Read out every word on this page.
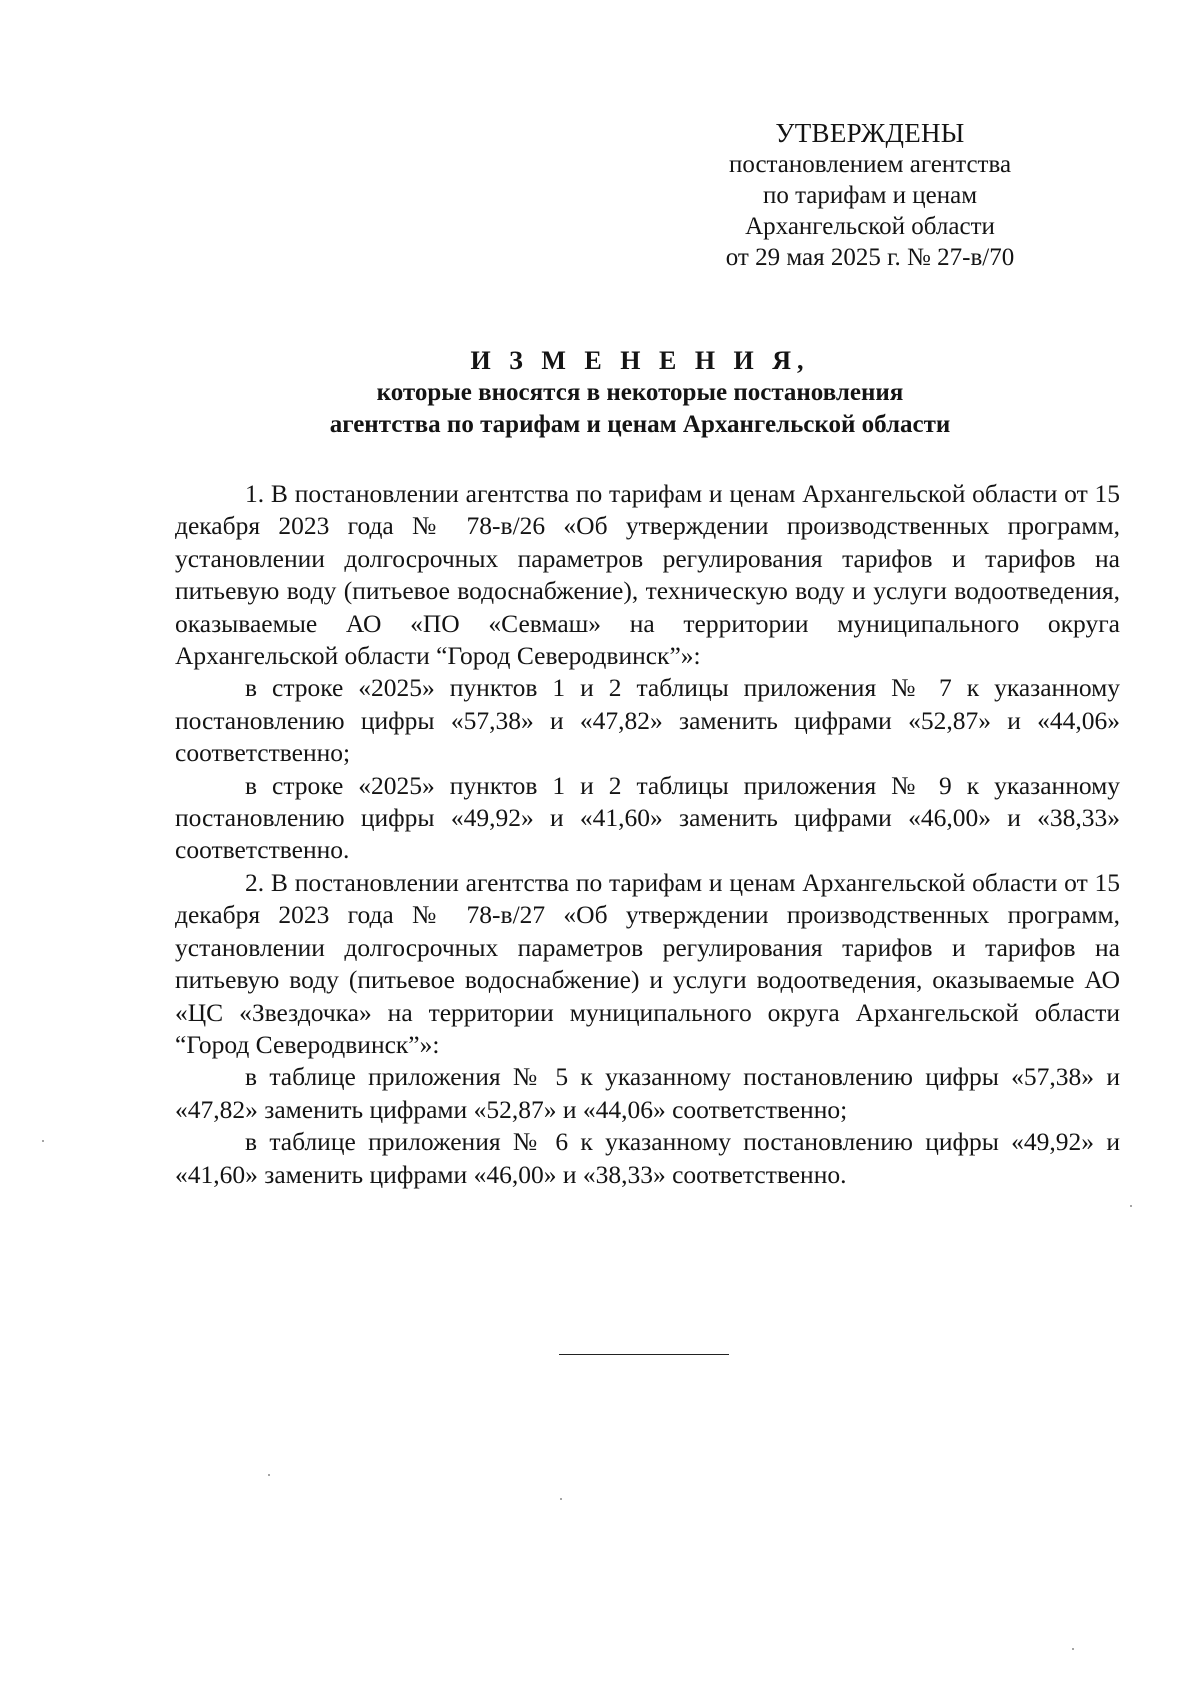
УТВЕРЖДЕНЫ
постановлением агентства
по тарифам и ценам
Архангельской области
от 29 мая 2025 г. № 27-в/70
И З М Е Н Е Н И Я,
которые вносятся в некоторые постановления
агентства по тарифам и ценам Архангельской области

1. В постановлении агентства по тарифам и ценам Архангельской области от 15 декабря 2023 года № 78-в/26 «Об утверждении производственных программ, установлении долгосрочных параметров регулирования тарифов и тарифов на питьевую воду (питьевое водоснабжение), техническую воду и услуги водоотведения, оказываемые АО «ПО «Севмаш» на территории муниципального округа Архангельской области “Город Северодвинск”»:

в строке «2025» пунктов 1 и 2 таблицы приложения № 7 к указанному постановлению цифры «57,38» и «47,82» заменить цифрами «52,87» и «44,06» соответственно;

в строке «2025» пунктов 1 и 2 таблицы приложения № 9 к указанному постановлению цифры «49,92» и «41,60» заменить цифрами «46,00» и «38,33» соответственно.

2. В постановлении агентства по тарифам и ценам Архангельской области от 15 декабря 2023 года № 78-в/27 «Об утверждении производственных программ, установлении долгосрочных параметров регулирования тарифов и тарифов на питьевую воду (питьевое водоснабжение) и услуги водоотведения, оказываемые АО «ЦС «Звездочка» на территории муниципального округа Архангельской области “Город Северодвинск”»:

в таблице приложения № 5 к указанному постановлению цифры «57,38» и «47,82» заменить цифрами «52,87» и «44,06» соответственно;

в таблице приложения № 6 к указанному постановлению цифры «49,92» и «41,60» заменить цифрами «46,00» и «38,33» соответственно.
